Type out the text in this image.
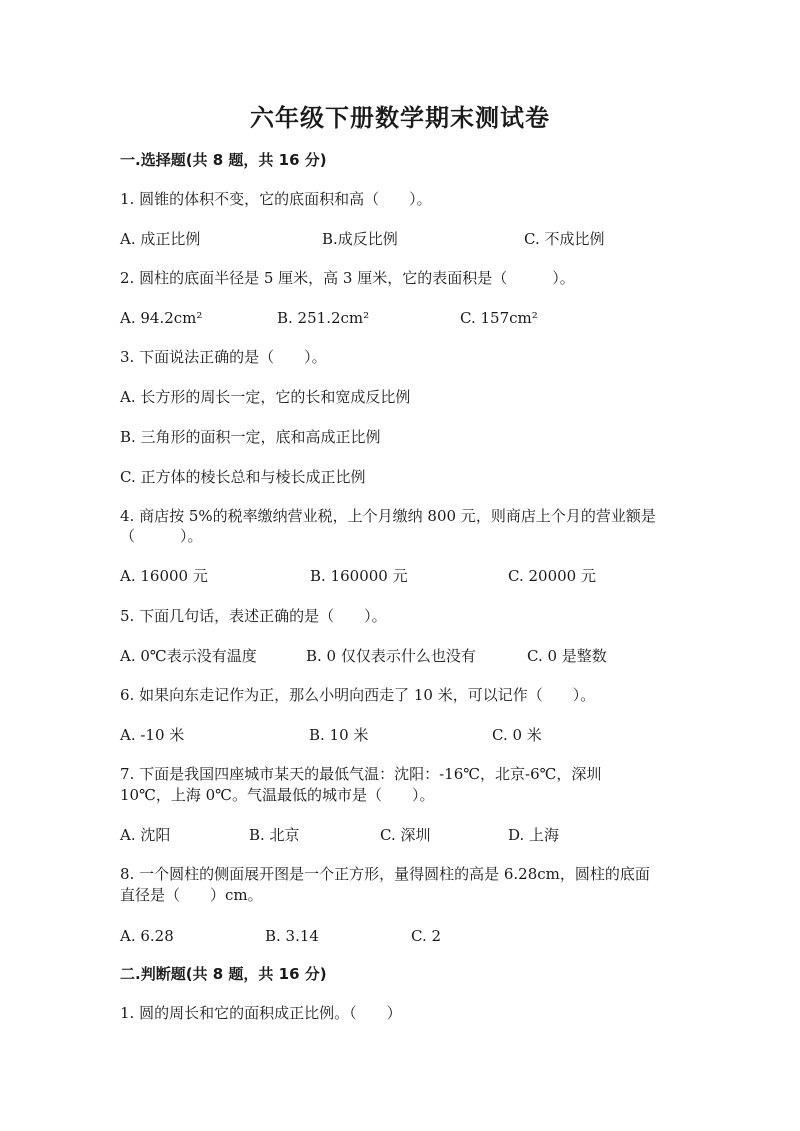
六年级下册数学期末测试卷
一.选择题(共 8 题，共 16 分)
1. 圆锥的体积不变，它的底面积和高（　　）。
A. 成正比例	B.成反比例	C. 不成比例
2. 圆柱的底面半径是 5 厘米，高 3 厘米，它的表面积是（　　　）。
A. 94.2cm²	B. 251.2cm²	C. 157cm²
3. 下面说法正确的是（　　）。
A. 长方形的周长一定，它的长和宽成反比例
B. 三角形的面积一定，底和高成正比例
C. 正方体的棱长总和与棱长成正比例
4. 商店按 5%的税率缴纳营业税，上个月缴纳 800 元，则商店上个月的营业额是
（　　　）。
A. 16000 元	B. 160000 元	C. 20000 元
5. 下面几句话，表述正确的是（　　）。
A. 0℃表示没有温度	B. 0 仅仅表示什么也没有	C. 0 是整数
6. 如果向东走记作为正，那么小明向西走了 10 米，可以记作（　　）。
A. -10 米	B. 10 米	C. 0 米
7. 下面是我国四座城市某天的最低气温：沈阳：-16℃，北京-6℃，深圳
10℃，上海 0℃。气温最低的城市是（　　）。
A. 沈阳	B. 北京	C. 深圳	D. 上海
8. 一个圆柱的侧面展开图是一个正方形，量得圆柱的高是 6.28cm，圆柱的底面
直径是（　　）cm。
A. 6.28	B. 3.14	C. 2
二.判断题(共 8 题，共 16 分)
1. 圆的周长和它的面积成正比例。（　　）
